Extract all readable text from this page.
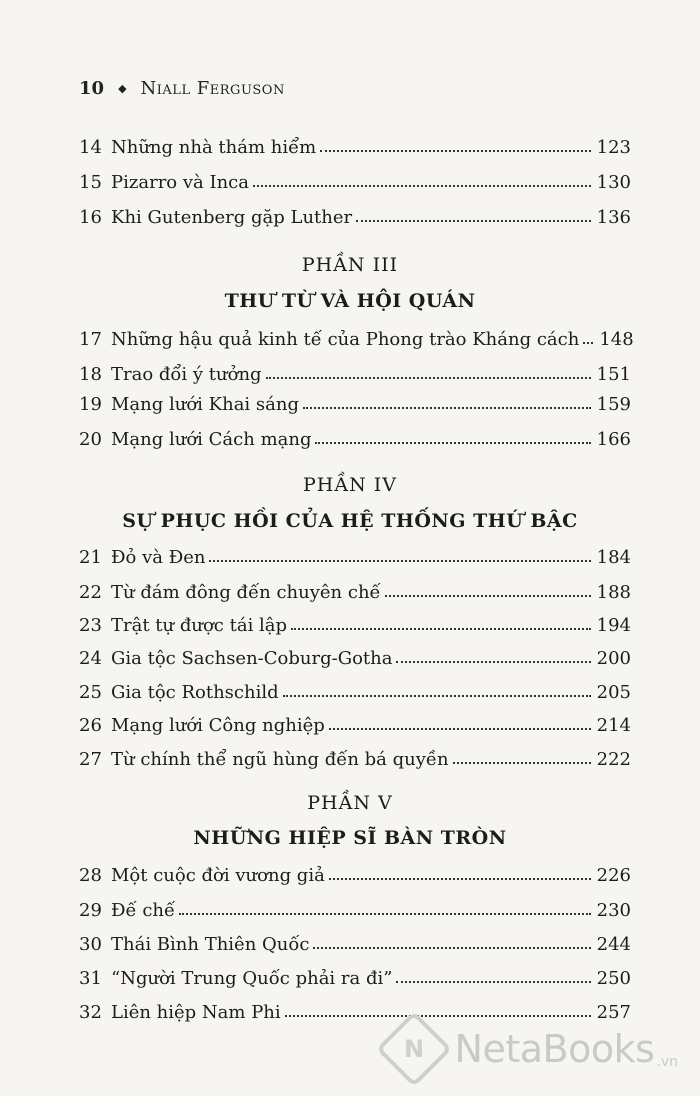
10 ◆ Niall Ferguson
14 Những nhà thám hiểm	123
15 Pizarro và Inca	130
16 Khi Gutenberg gặp Luther	136
PHẦN III
THƯ TỪ VÀ HỘI QUÁN
17 Những hậu quả kinh tế của Phong trào Kháng cách 148
18 Trao đổi ý tưởng	151
19 Mạng lưới Khai sáng	159
20 Mạng lưới Cách mạng	166
PHẦN IV
SỰ PHỤC HỒI CỦA HỆ THỐNG THỨ BẬC
21 Đỏ và Đen	184
22 Từ đám đông đến chuyên chế	188
23 Trật tự được tái lập	194
24 Gia tộc Sachsen-Coburg-Gotha	200
25 Gia tộc Rothschild	205
26 Mạng lưới Công nghiệp	214
27 Từ chính thể ngũ hùng đến bá quyền	222
PHẦN V
NHỮNG HIỆP SĨ BÀN TRÒN
28 Một cuộc đời vương giả	226
29 Đế chế	230
30 Thái Bình Thiên Quốc	244
31 “Người Trung Quốc phải ra đi”	250
32 Liên hiệp Nam Phi	257
N NetaBooks .vn
